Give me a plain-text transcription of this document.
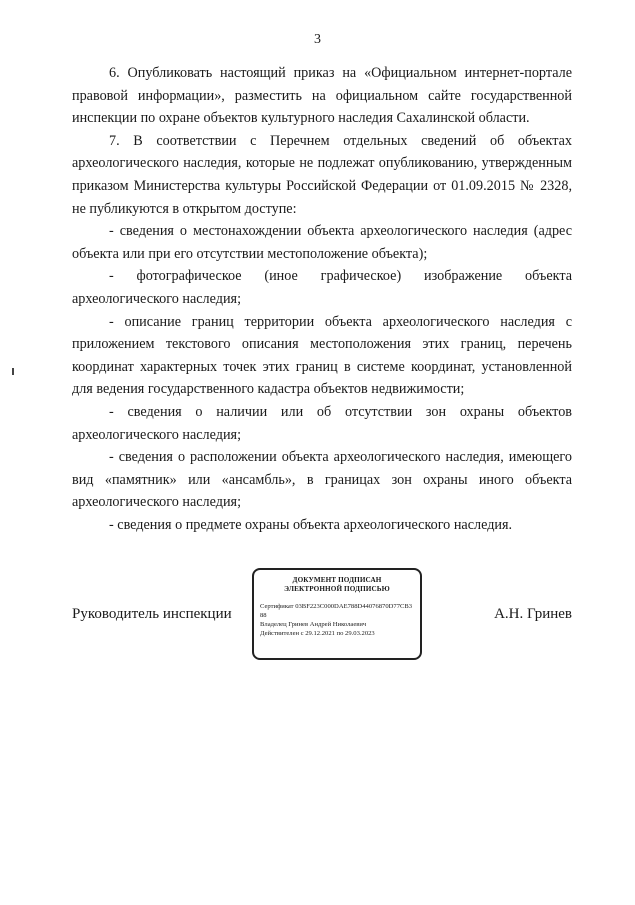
3

6. Опубликовать настоящий приказ на «Официальном интернет-портале правовой информации», разместить на официальном сайте государственной инспекции по охране объектов культурного наследия Сахалинской области.

7. В соответствии с Перечнем отдельных сведений об объектах археологического наследия, которые не подлежат опубликованию, утвержденным приказом Министерства культуры Российской Федерации от 01.09.2015 № 2328, не публикуются в открытом доступе:

- сведения о местонахождении объекта археологического наследия (адрес объекта или при его отсутствии местоположение объекта);

- фотографическое (иное графическое) изображение объекта археологического наследия;

- описание границ территории объекта археологического наследия с приложением текстового описания местоположения этих границ, перечень координат характерных точек этих границ в системе координат, установленной для ведения государственного кадастра объектов недвижимости;

- сведения о наличии или об отсутствии зон охраны объектов археологического наследия;

- сведения о расположении объекта археологического наследия, имеющего вид «памятник» или «ансамбль», в границах зон охраны иного объекта археологического наследия;

- сведения о предмете охраны объекта археологического наследия.

Руководитель инспекции
ДОКУМЕНТ ПОДПИСАН
ЭЛЕКТРОННОЙ ПОДПИСЬЮ
Сертификат 03BF223C000DAE788D44076870D77CB3
88
Владелец Гринев Андрей Николаевич
Действителен с 29.12.2021 по 29.03.2023
А.Н. Гринев
